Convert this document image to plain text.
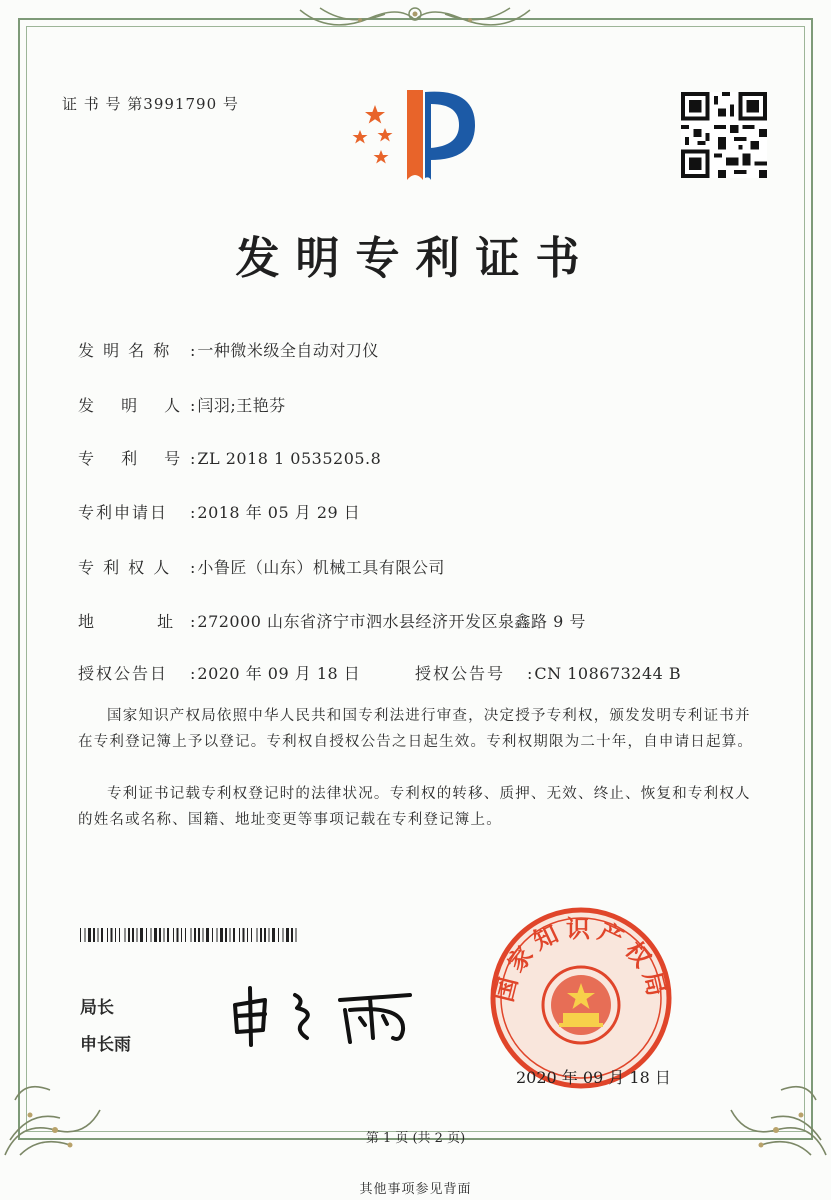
证 书 号 第3991790 号
发明专利证书
发 明 名 称	: 一种微米级全自动对刀仪
发　 明　 人 : 闫羽;王艳芬
专　 利　 号 : ZL 2018 1 0535205.8
专利申请日	: 2018 年 05 月 29 日
专 利 权 人	: 小鲁匠（山东）机械工具有限公司
地　　　 址 : 272000 山东省济宁市泗水县经济开发区泉鑫路 9 号
授权公告日	: 2020 年 09 月 18 日	授权公告号	: CN 108673244 B
国家知识产权局依照中华人民共和国专利法进行审查，决定授予专利权，颁发发明专利证书并在专利登记簿上予以登记。专利权自授权公告之日起生效。专利权期限为二十年，自申请日起算。
专利证书记载专利权登记时的法律状况。专利权的转移、质押、无效、终止、恢复和专利权人的姓名或名称、国籍、地址变更等事项记载在专利登记簿上。
局长
申长雨
国家知识产权局
2020 年 09 月 18 日
第 1 页 (共 2 页)
其他事项参见背面
